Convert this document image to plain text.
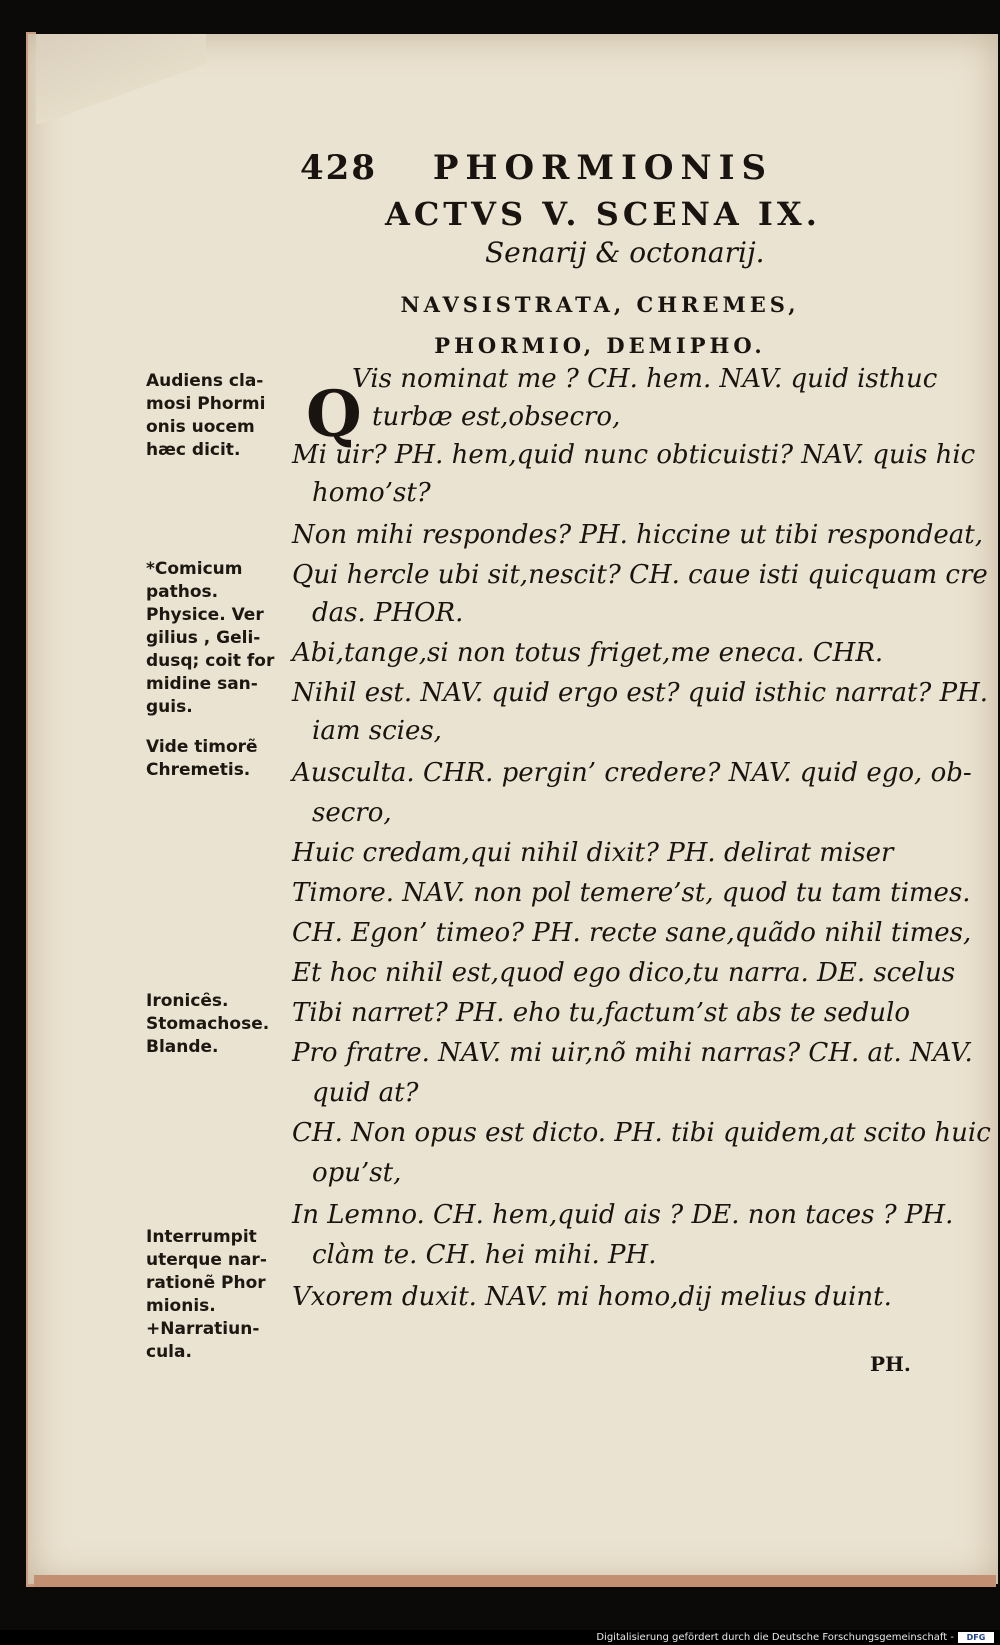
428 PHORMIONIS
ACTVS V. SCENA IX.
Senarij & octonarij.
NAVSISTRATA, CHREMES,
PHORMIO, DEMIPHO.
Audiens cla-
mosi Phormi
onis uocem
hæc dicit.
*Comicum
pathos.
Physice. Ver
gilius , Geli-
dusq; coit for
midine san-
guis.
Vide timorẽ
Chremetis.
Ironicȇs.
Stomachose.
Blande.
Interrumpit
uterque nar-
rationẽ Phor
mionis.
+Narratiun-
cula.
Q
Vis nominat me ? CH. hem. NAV. quid isthuc
turbæ est,obsecro,
Mi uir? PH. hem,quid nunc obticuisti? NAV. quis hic
homo’st?
Non mihi respondes? PH. hiccine ut tibi respondeat,
Qui hercle ubi sit,nescit? CH. caue isti quicquam cre
das. PHOR.
Abi,tange,si non totus friget,me eneca. CHR.
Nihil est. NAV. quid ergo est? quid isthic narrat? PH.
iam scies,
Ausculta. CHR. pergin’ credere? NAV. quid ego, ob-
secro,
Huic credam,qui nihil dixit? PH. delirat miser
Timore. NAV. non pol temere’st, quod tu tam times.
CH. Egon’ timeo? PH. recte sane,quãdo nihil times,
Et hoc nihil est,quod ego dico,tu narra. DE. scelus
Tibi narret? PH. eho tu,factum’st abs te sedulo
Pro fratre. NAV. mi uir,nõ mihi narras? CH. at. NAV.
quid at?
CH. Non opus est dicto. PH. tibi quidem,at scito huic
opu’st,
In Lemno. CH. hem,quid ais ? DE. non taces ? PH.
clàm te. CH. hei mihi. PH.
Vxorem duxit. NAV. mi homo,dij melius duint.
PH.
Digitalisierung gefördert durch die Deutsche Forschungsgemeinschaft -	DFG
